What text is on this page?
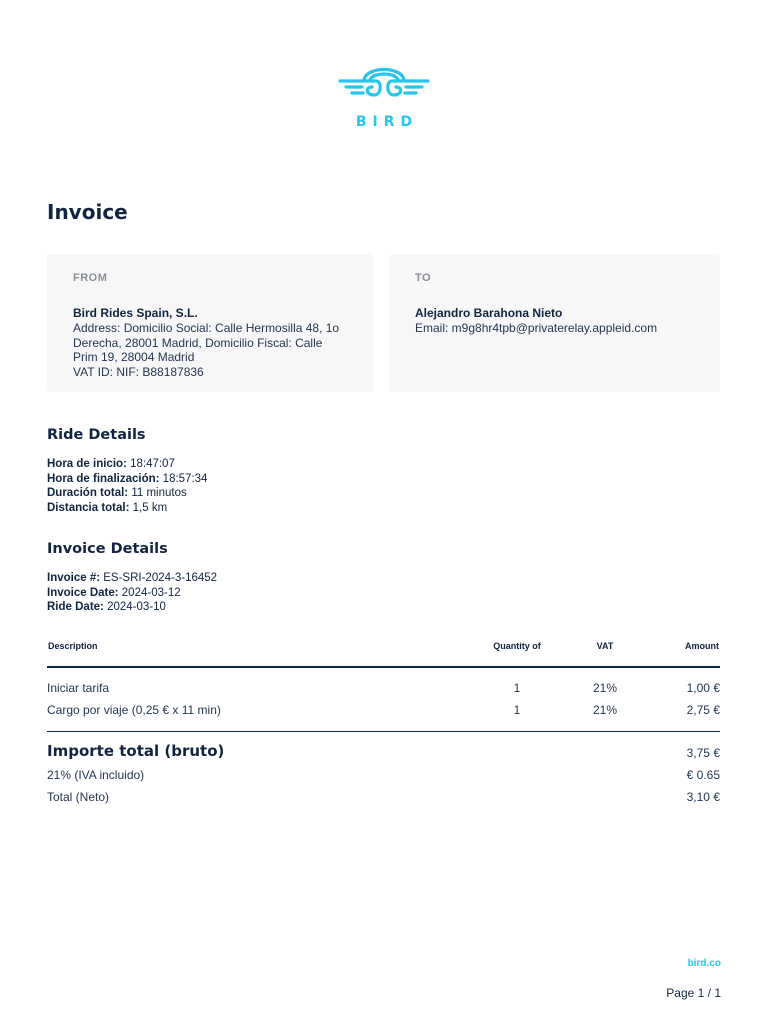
BIRD
Invoice
FROM
Bird Rides Spain, S.L.
Address: Domicilio Social: Calle Hermosilla 48, 1o
Derecha, 28001 Madrid, Domicilio Fiscal: Calle
Prim 19, 28004 Madrid
VAT ID: NIF: B88187836
TO
Alejandro Barahona Nieto
Email: m9g8hr4tpb@privaterelay.appleid.com
Ride Details
Hora de inicio: 18:47:07
Hora de finalización: 18:57:34
Duración total: 11 minutos
Distancia total: 1,5 km
Invoice Details
Invoice #: ES-SRI-2024-3-16452
Invoice Date: 2024-03-12
Ride Date: 2024-03-10
Description	Quantity of	VAT	Amount
Iniciar tarifa	1	21%	1,00 €
Cargo por viaje (0,25 € x 11 min)	1	21%	2,75 €
Importe total (bruto)	3,75 €
21% (IVA incluido)	€ 0.65
Total (Neto)	3,10 €
bird.co
Page 1 / 1
